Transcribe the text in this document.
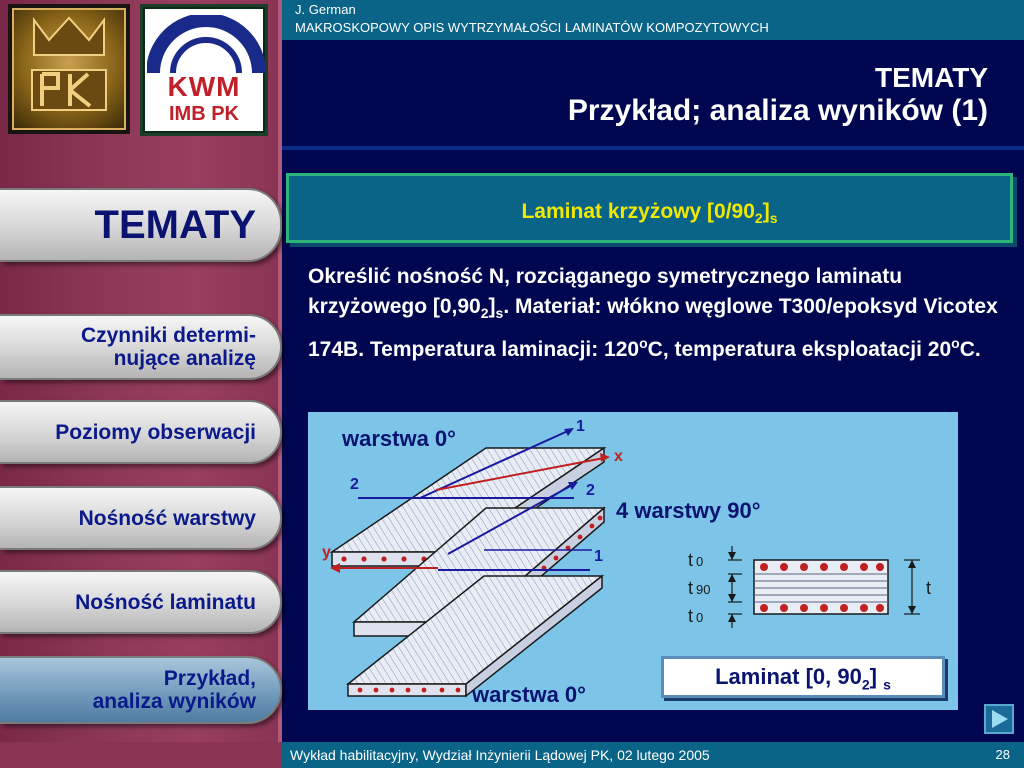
KWM
IMB PK
TEMATY
Czynniki determi-
nujące analizę
Poziomy obserwacji
Nośność warstwy
Nośność laminatu
Przykład,
analiza wyników
J. German
MAKROSKOPOWY OPIS WYTRZYMAŁOŚCI LAMINATÓW KOMPOZYTOWYCH
TEMATY
Przykład; analiza wyników (1)
Laminat krzyżowy $[0/90_2]_s$
Określić nośność N, rozciąganego symetrycznego laminatu krzyżowego $[0,90_2]_s$. Materiał: włókno węglowe T300/epoksyd Vicotex 174B. Temperatura laminacji: 120$^o$C, temperatura eksploatacji 20$^o$C.
warstwa 0°
4 warstwy 90°
warstwa 0°
1
x
2	2
y	1	t 0
t 90
t 0
t
Laminat [0, $90_2$] $_s$
Wykład habilitacyjny, Wydział Inżynierii Lądowej PK, 02 lutego 2005	28
